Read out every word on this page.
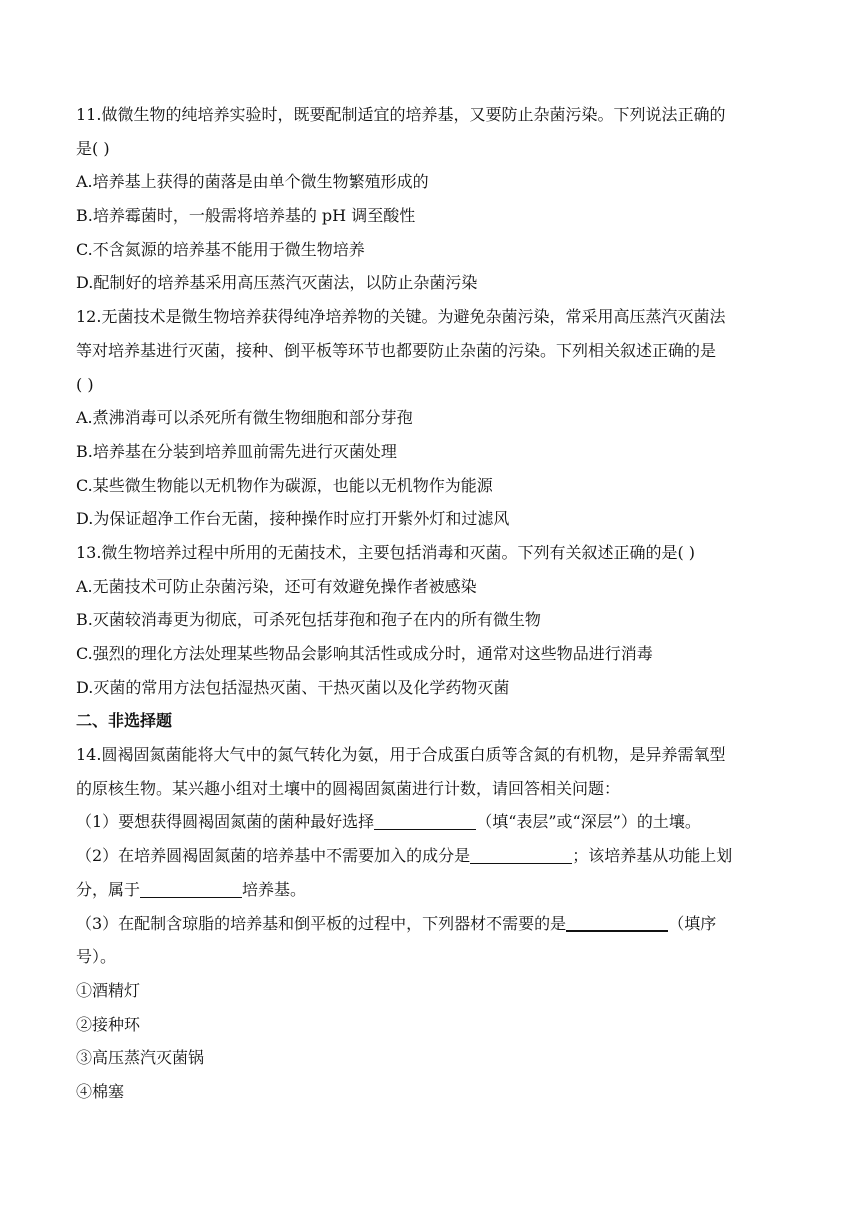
11.做微生物的纯培养实验时，既要配制适宜的培养基，又要防止杂菌污染。下列说法正确的
是( )
A.培养基上获得的菌落是由单个微生物繁殖形成的
B.培养霉菌时，一般需将培养基的 pH 调至酸性
C.不含氮源的培养基不能用于微生物培养
D.配制好的培养基采用高压蒸汽灭菌法，以防止杂菌污染
12.无菌技术是微生物培养获得纯净培养物的关键。为避免杂菌污染，常采用高压蒸汽灭菌法
等对培养基进行灭菌，接种、倒平板等环节也都要防止杂菌的污染。下列相关叙述正确的是
( )
A.煮沸消毒可以杀死所有微生物细胞和部分芽孢
B.培养基在分装到培养皿前需先进行灭菌处理
C.某些微生物能以无机物作为碳源，也能以无机物作为能源
D.为保证超净工作台无菌，接种操作时应打开紫外灯和过滤风
13.微生物培养过程中所用的无菌技术，主要包括消毒和灭菌。下列有关叙述正确的是( )
A.无菌技术可防止杂菌污染，还可有效避免操作者被感染
B.灭菌较消毒更为彻底，可杀死包括芽孢和孢子在内的所有微生物
C.强烈的理化方法处理某些物品会影响其活性或成分时，通常对这些物品进行消毒
D.灭菌的常用方法包括湿热灭菌、干热灭菌以及化学药物灭菌
二、非选择题
14.圆褐固氮菌能将大气中的氮气转化为氨，用于合成蛋白质等含氮的有机物，是异养需氧型
的原核生物。某兴趣小组对土壤中的圆褐固氮菌进行计数，请回答相关问题：
（1）要想获得圆褐固氮菌的菌种最好选择	（填“表层”或“深层”）的土壤。
（2）在培养圆褐固氮菌的培养基中不需要加入的成分是	；该培养基从功能上划
分，属于	培养基。
（3）在配制含琼脂的培养基和倒平板的过程中，下列器材不需要的是	（填序
号）。
①酒精灯
②接种环
③高压蒸汽灭菌锅
④棉塞
